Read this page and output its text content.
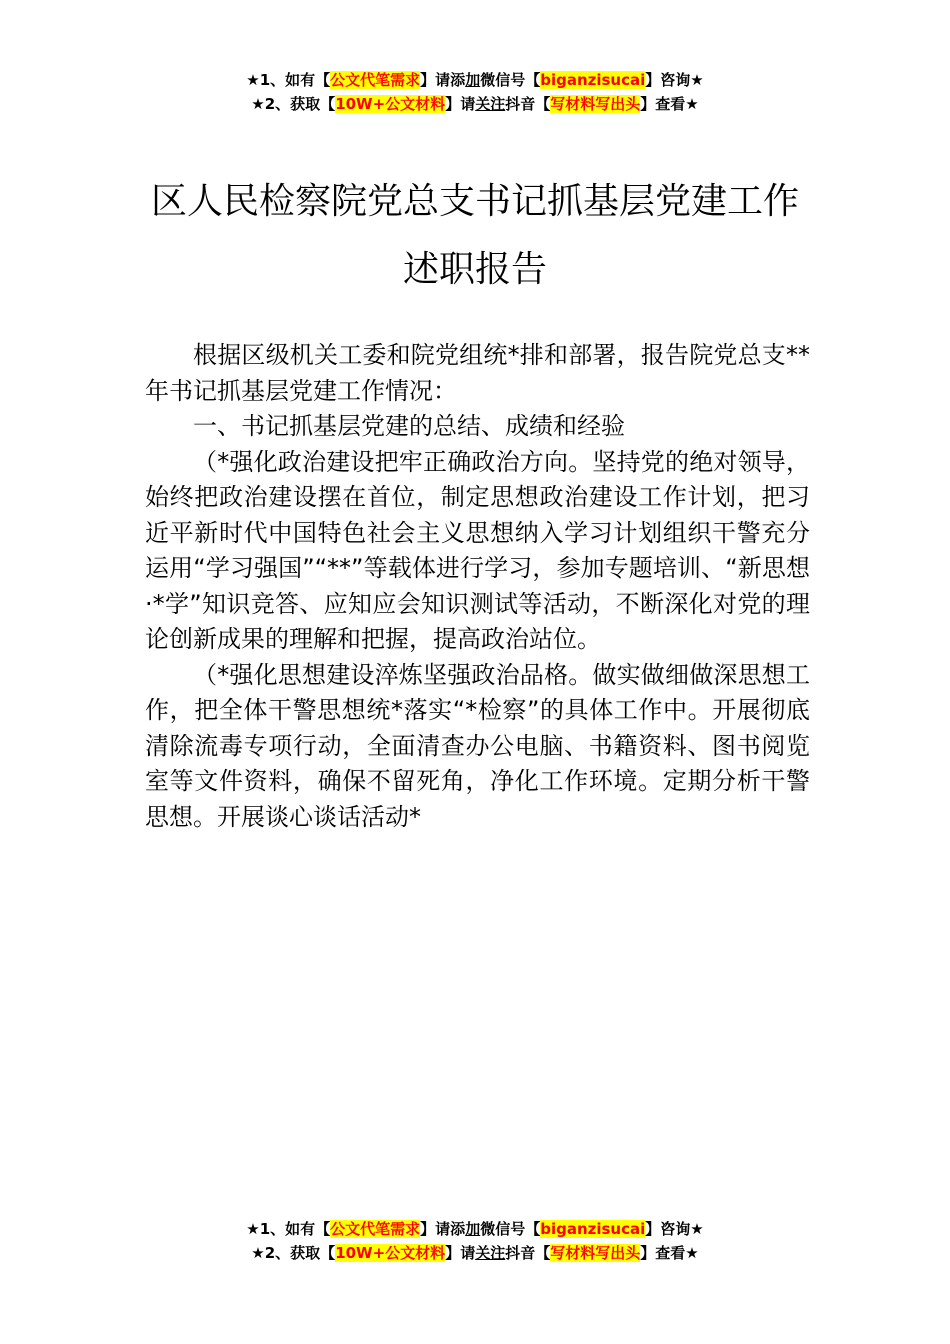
★1、如有【公文代笔需求】请添加微信号【biganzisucai】咨询★
★2、获取【10W+公文材料】请关注抖音【写材料写出头】查看★
区人民检察院党总支书记抓基层党建工作
述职报告

根据区级机关工委和院党组统*排和部署，报告院党总支**年书记抓基层党建工作情况：

一、书记抓基层党建的总结、成绩和经验

（*强化政治建设把牢正确政治方向。坚持党的绝对领导，始终把政治建设摆在首位，制定思想政治建设工作计划，把习近平新时代中国特色社会主义思想纳入学习计划组织干警充分运用“学习强国”“**”等载体进行学习，参加专题培训、“新思想·*学”知识竞答、应知应会知识测试等活动，不断深化对党的理论创新成果的理解和把握，提高政治站位。

（*强化思想建设淬炼坚强政治品格。做实做细做深思想工作，把全体干警思想统*落实“*检察”的具体工作中。开展彻底清除流毒专项行动，全面清查办公电脑、书籍资料、图书阅览室等文件资料，确保不留死角，净化工作环境。定期分析干警思想。开展谈心谈话活动*

★1、如有【公文代笔需求】请添加微信号【biganzisucai】咨询★
★2、获取【10W+公文材料】请关注抖音【写材料写出头】查看★
